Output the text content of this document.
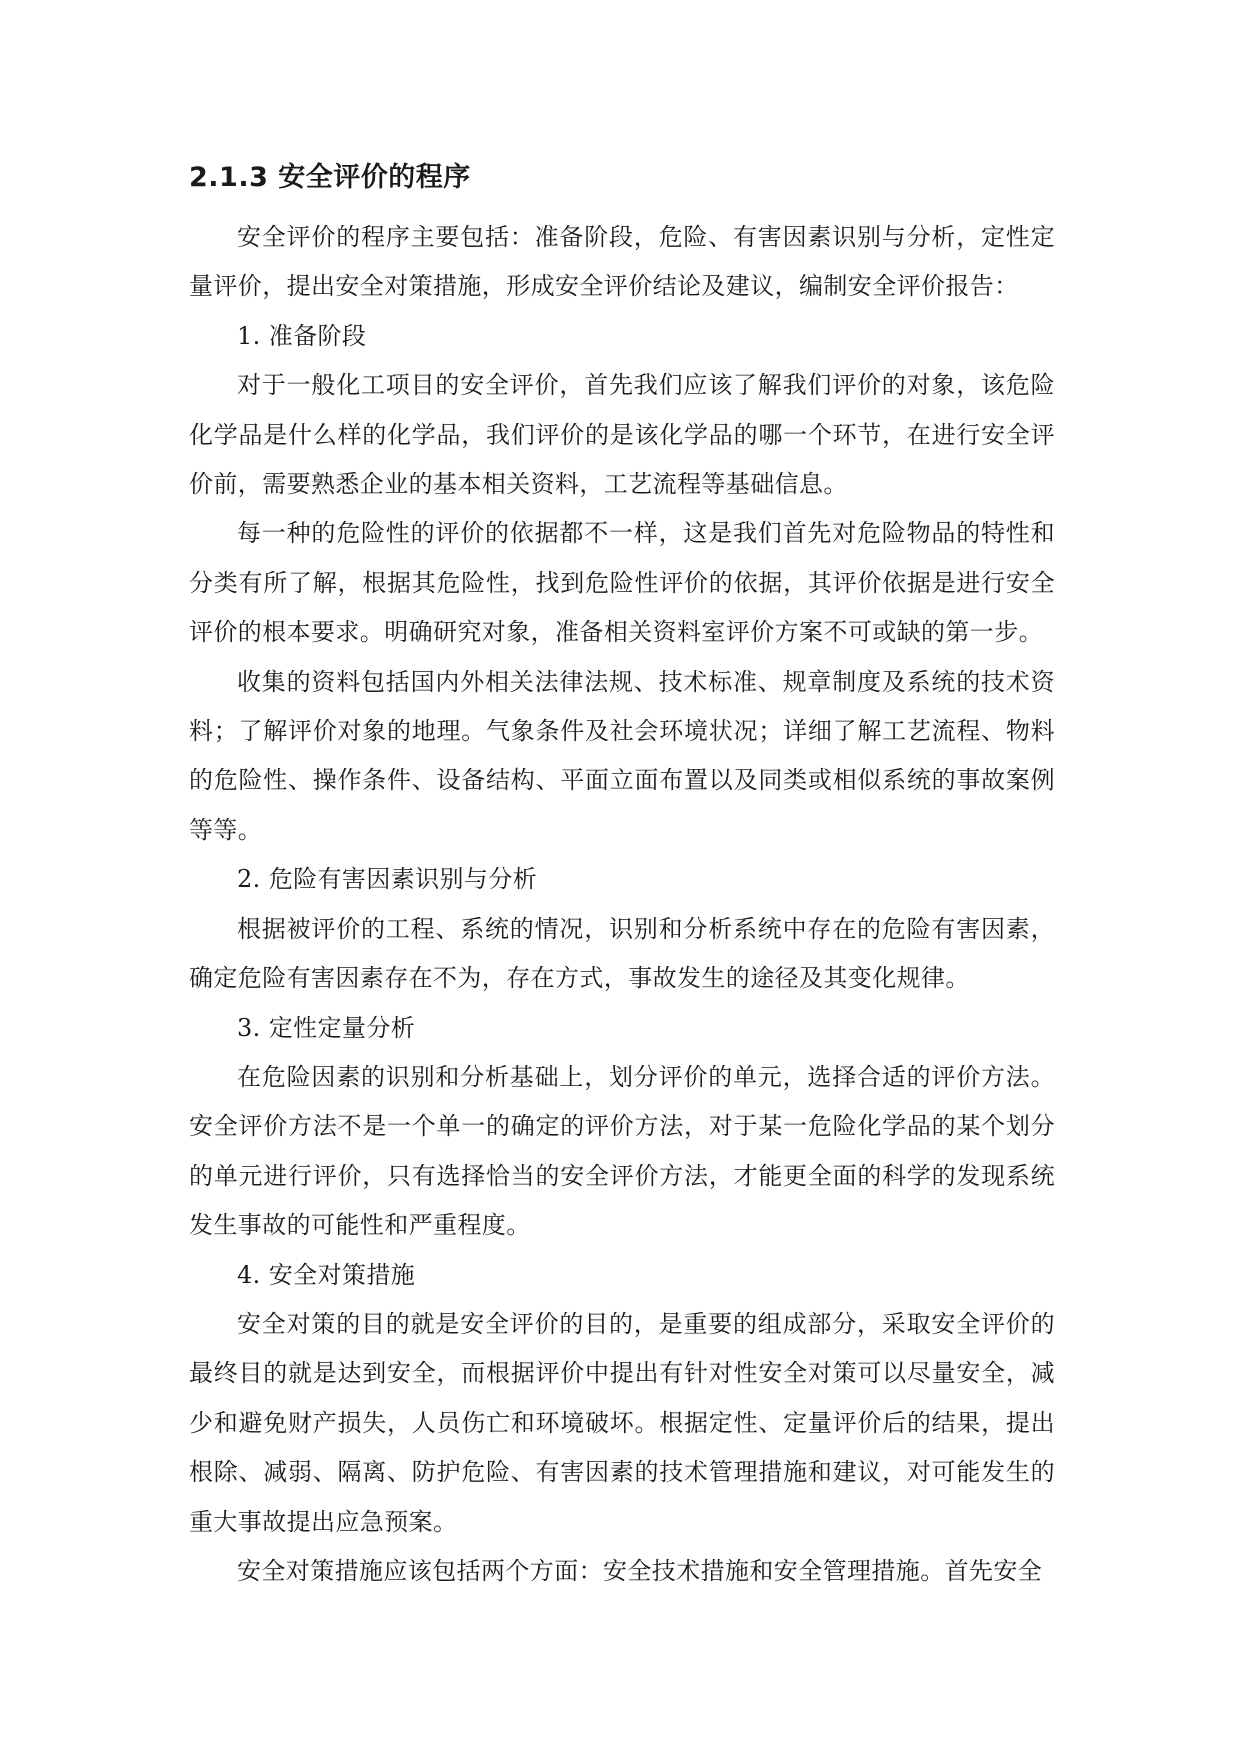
2.1.3 安全评价的程序

安全评价的程序主要包括：准备阶段，危险、有害因素识别与分析，定性定量评价，提出安全对策措施，形成安全评价结论及建议，编制安全评价报告：

1. 准备阶段

对于一般化工项目的安全评价，首先我们应该了解我们评价的对象，该危险化学品是什么样的化学品，我们评价的是该化学品的哪一个环节，在进行安全评价前，需要熟悉企业的基本相关资料，工艺流程等基础信息。

每一种的危险性的评价的依据都不一样，这是我们首先对危险物品的特性和分类有所了解，根据其危险性，找到危险性评价的依据，其评价依据是进行安全评价的根本要求。明确研究对象，准备相关资料室评价方案不可或缺的第一步。

收集的资料包括国内外相关法律法规、技术标准、规章制度及系统的技术资料；了解评价对象的地理。气象条件及社会环境状况；详细了解工艺流程、物料的危险性、操作条件、设备结构、平面立面布置以及同类或相似系统的事故案例等等。

2. 危险有害因素识别与分析

根据被评价的工程、系统的情况，识别和分析系统中存在的危险有害因素，确定危险有害因素存在不为，存在方式，事故发生的途径及其变化规律。

3. 定性定量分析

在危险因素的识别和分析基础上，划分评价的单元，选择合适的评价方法。安全评价方法不是一个单一的确定的评价方法，对于某一危险化学品的某个划分的单元进行评价，只有选择恰当的安全评价方法，才能更全面的科学的发现系统发生事故的可能性和严重程度。

4. 安全对策措施

安全对策的目的就是安全评价的目的，是重要的组成部分，采取安全评价的最终目的就是达到安全，而根据评价中提出有针对性安全对策可以尽量安全，减少和避免财产损失，人员伤亡和环境破坏。根据定性、定量评价后的结果，提出根除、减弱、隔离、防护危险、有害因素的技术管理措施和建议，对可能发生的重大事故提出应急预案。

安全对策措施应该包括两个方面：安全技术措施和安全管理措施。首先安全
